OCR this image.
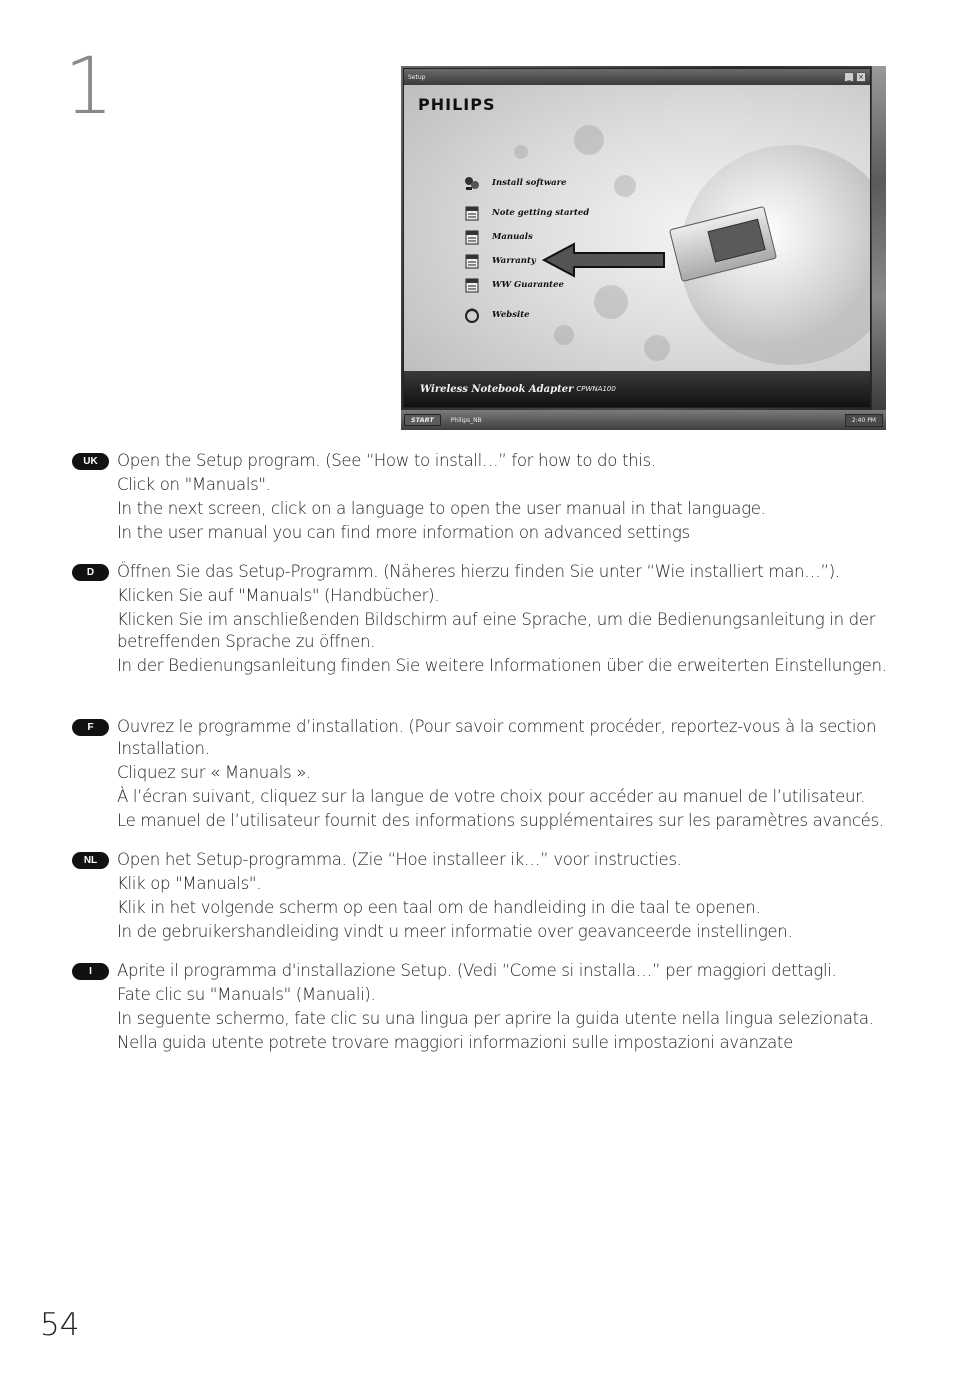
1	Setup	_	×
PHILIPS
Install software
Note getting started
Manuals
Warranty
WW Guarantee
Website
Wireless Notebook Adapter CPWNA100
START	Philips_NB	2:40 PM
UK	Open the Setup program. (See “How to install…” for how to do this.

Click on "Manuals".

In the next screen, click on a language to open the user manual in that language.

In the user manual you can find more information on advanced settings

D	Öffnen Sie das Setup-Programm. (Näheres hierzu finden Sie unter “Wie installiert man…”).

Klicken Sie auf "Manuals" (Handbücher).

Klicken Sie im anschließenden Bildschirm auf eine Sprache, um die Bedienungsanleitung in der betreffenden Sprache zu öffnen.

In der Bedienungsanleitung finden Sie weitere Informationen über die erweiterten Einstellungen.

F	Ouvrez le programme d’installation. (Pour savoir comment procéder, reportez-vous à la section Installation.

Cliquez sur « Manuals ».

À l’écran suivant, cliquez sur la langue de votre choix pour accéder au manuel de l’utilisateur.

Le manuel de l’utilisateur fournit des informations supplémentaires sur les paramètres avancés.

NL	Open het Setup-programma. (Zie “Hoe installeer ik…” voor instructies.

Klik op "Manuals".

Klik in het volgende scherm op een taal om de handleiding in die taal te openen.

In de gebruikershandleiding vindt u meer informatie over geavanceerde instellingen.

I	Aprite il programma d'installazione Setup. (Vedi “Come si installa…” per maggiori dettagli.

Fate clic su "Manuals" (Manuali).

In seguente schermo, fate clic su una lingua per aprire la guida utente nella lingua selezionata.

Nella guida utente potrete trovare maggiori informazioni sulle impostazioni avanzate

54
